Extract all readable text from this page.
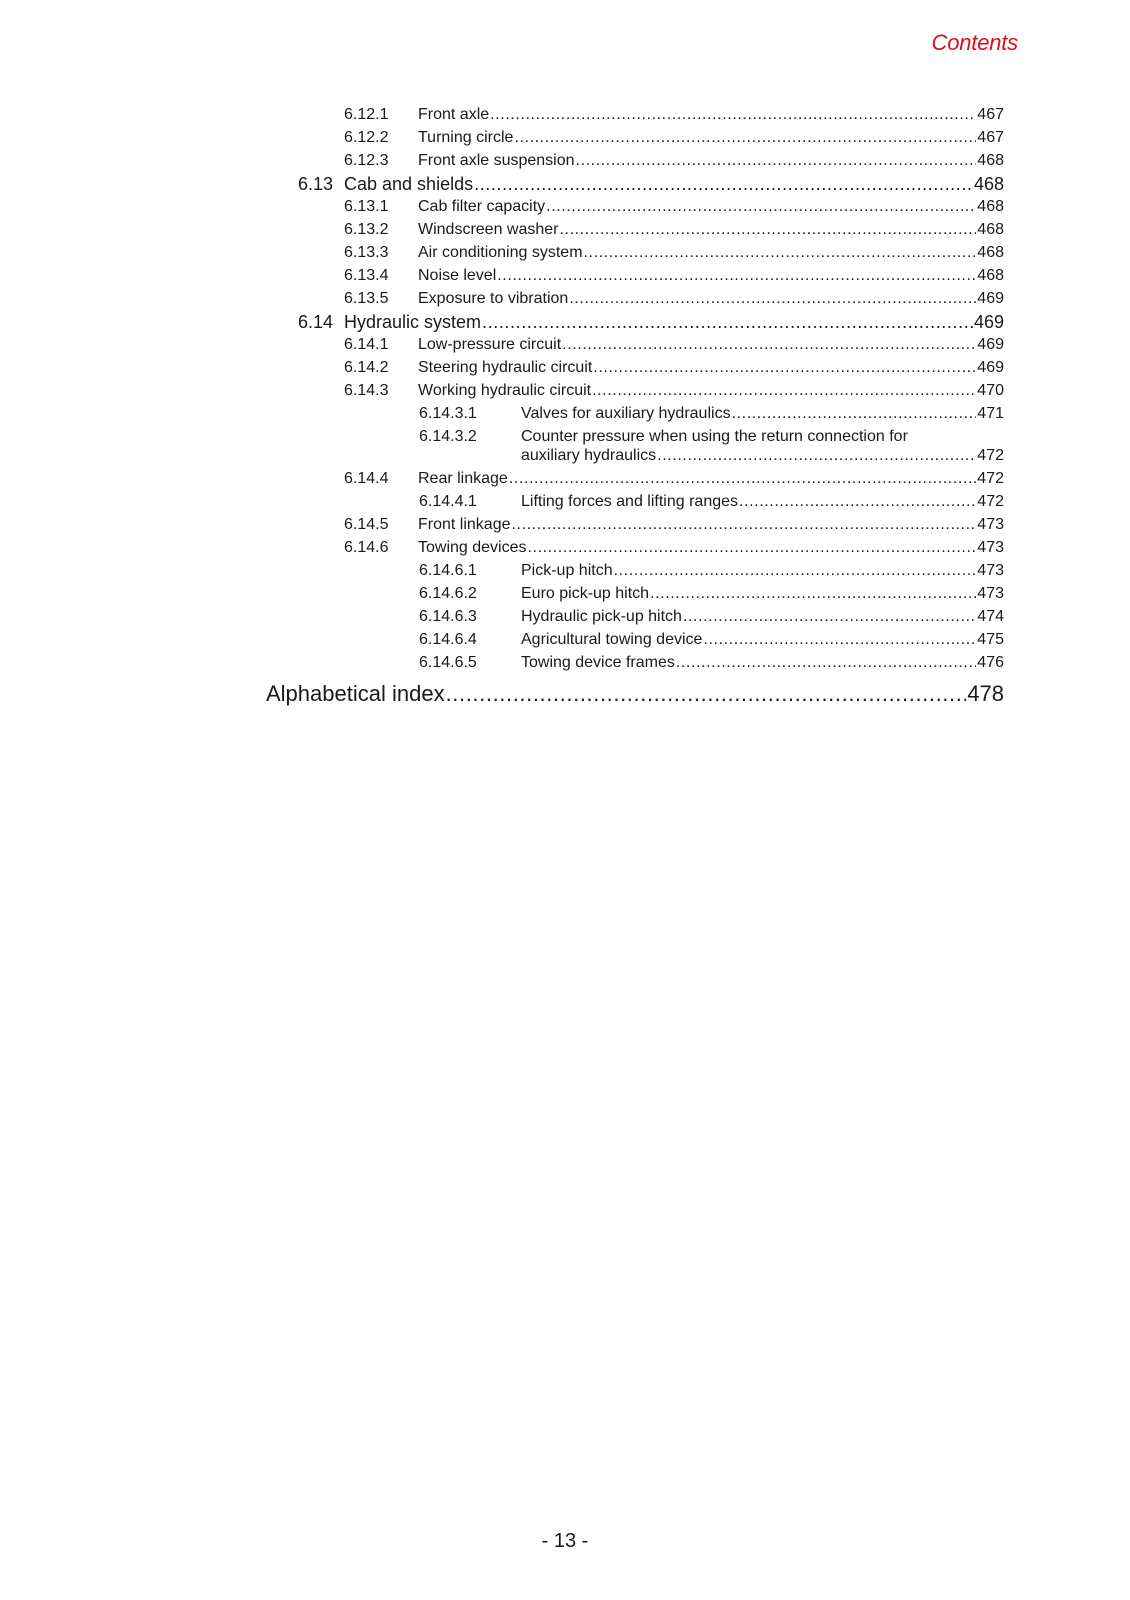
Contents
6.12.1 Front axle .....	467
6.12.2 Turning circle .....	467
6.12.3 Front axle suspension .....	468
6.13 Cab and shields .....	468
6.13.1 Cab filter capacity .....	468
6.13.2 Windscreen washer .....	468
6.13.3 Air conditioning system .....	468
6.13.4 Noise level .....	468
6.13.5 Exposure to vibration .....	469
6.14 Hydraulic system .....	469
6.14.1 Low-pressure circuit .....	469
6.14.2 Steering hydraulic circuit .....	469
6.14.3 Working hydraulic circuit .....	470
6.14.3.1	Valves for auxiliary hydraulics .....	471
6.14.3.2	Counter pressure when using the return connection for
auxiliary hydraulics .....	472
6.14.4 Rear linkage .....	472
6.14.4.1	Lifting forces and lifting ranges .....	472
6.14.5 Front linkage .....	473
6.14.6 Towing devices .....	473
6.14.6.1	Pick-up hitch .....	473
6.14.6.2	Euro pick-up hitch .....	473
6.14.6.3	Hydraulic pick-up hitch .....	474
6.14.6.4	Agricultural towing device .....	475
6.14.6.5	Towing device frames .....	476
Alphabetical index .....	478
- 13 -
